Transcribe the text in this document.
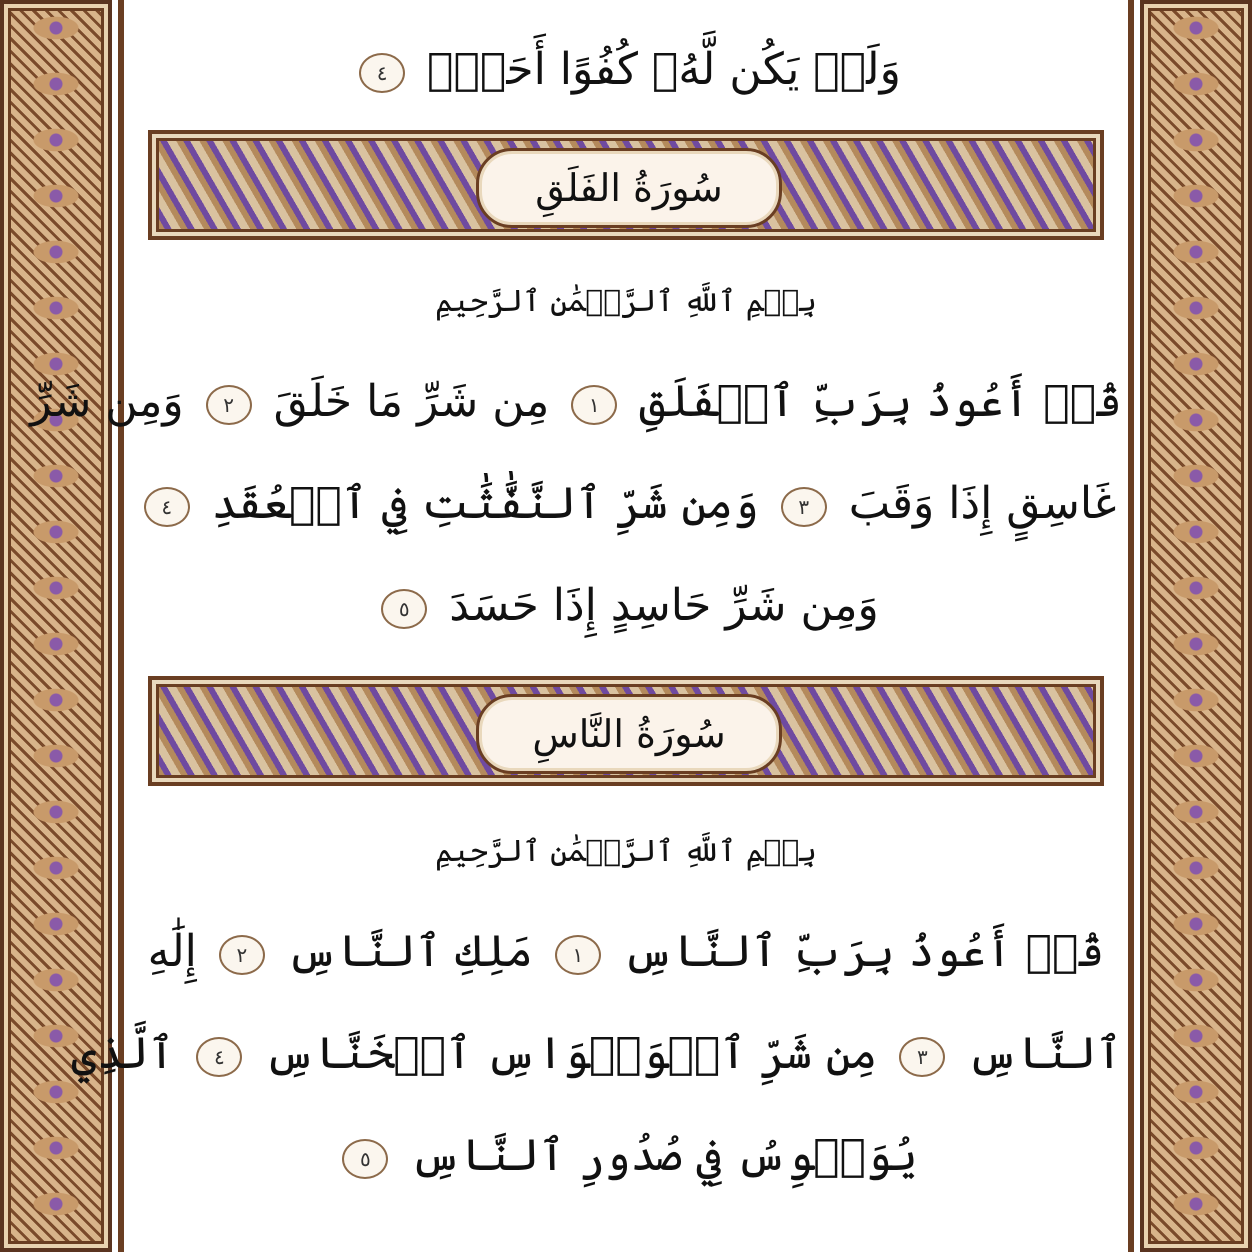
وَلَمۡ يَكُن لَّهُۥ كُفُوًا أَحَدُۢ ٤
سُورَةُ الفَلَقِ
بِسۡمِ ٱللَّهِ ٱلرَّحۡمَٰنِ ٱلرَّحِيمِ
قُلۡ أَعُوذُ بِرَبِّ ٱلۡفَلَقِ ١ مِن شَرِّ مَا خَلَقَ ٢ وَمِن شَرِّ
غَاسِقٍ إِذَا وَقَبَ ٣ وَمِن شَرِّ ٱلنَّفَّٰثَٰتِ فِي ٱلۡعُقَدِ ٤
وَمِن شَرِّ حَاسِدٍ إِذَا حَسَدَ ٥
سُورَةُ النَّاسِ
بِسۡمِ ٱللَّهِ ٱلرَّحۡمَٰنِ ٱلرَّحِيمِ
قُلۡ أَعُوذُ بِرَبِّ ٱلنَّاسِ ١ مَلِكِ ٱلنَّاسِ ٢ إِلَٰهِ
ٱلنَّاسِ ٣ مِن شَرِّ ٱلۡوَسۡوَاسِ ٱلۡخَنَّاسِ ٤ ٱلَّذِي
يُوَسۡوِسُ فِي صُدُورِ ٱلنَّاسِ ٥
